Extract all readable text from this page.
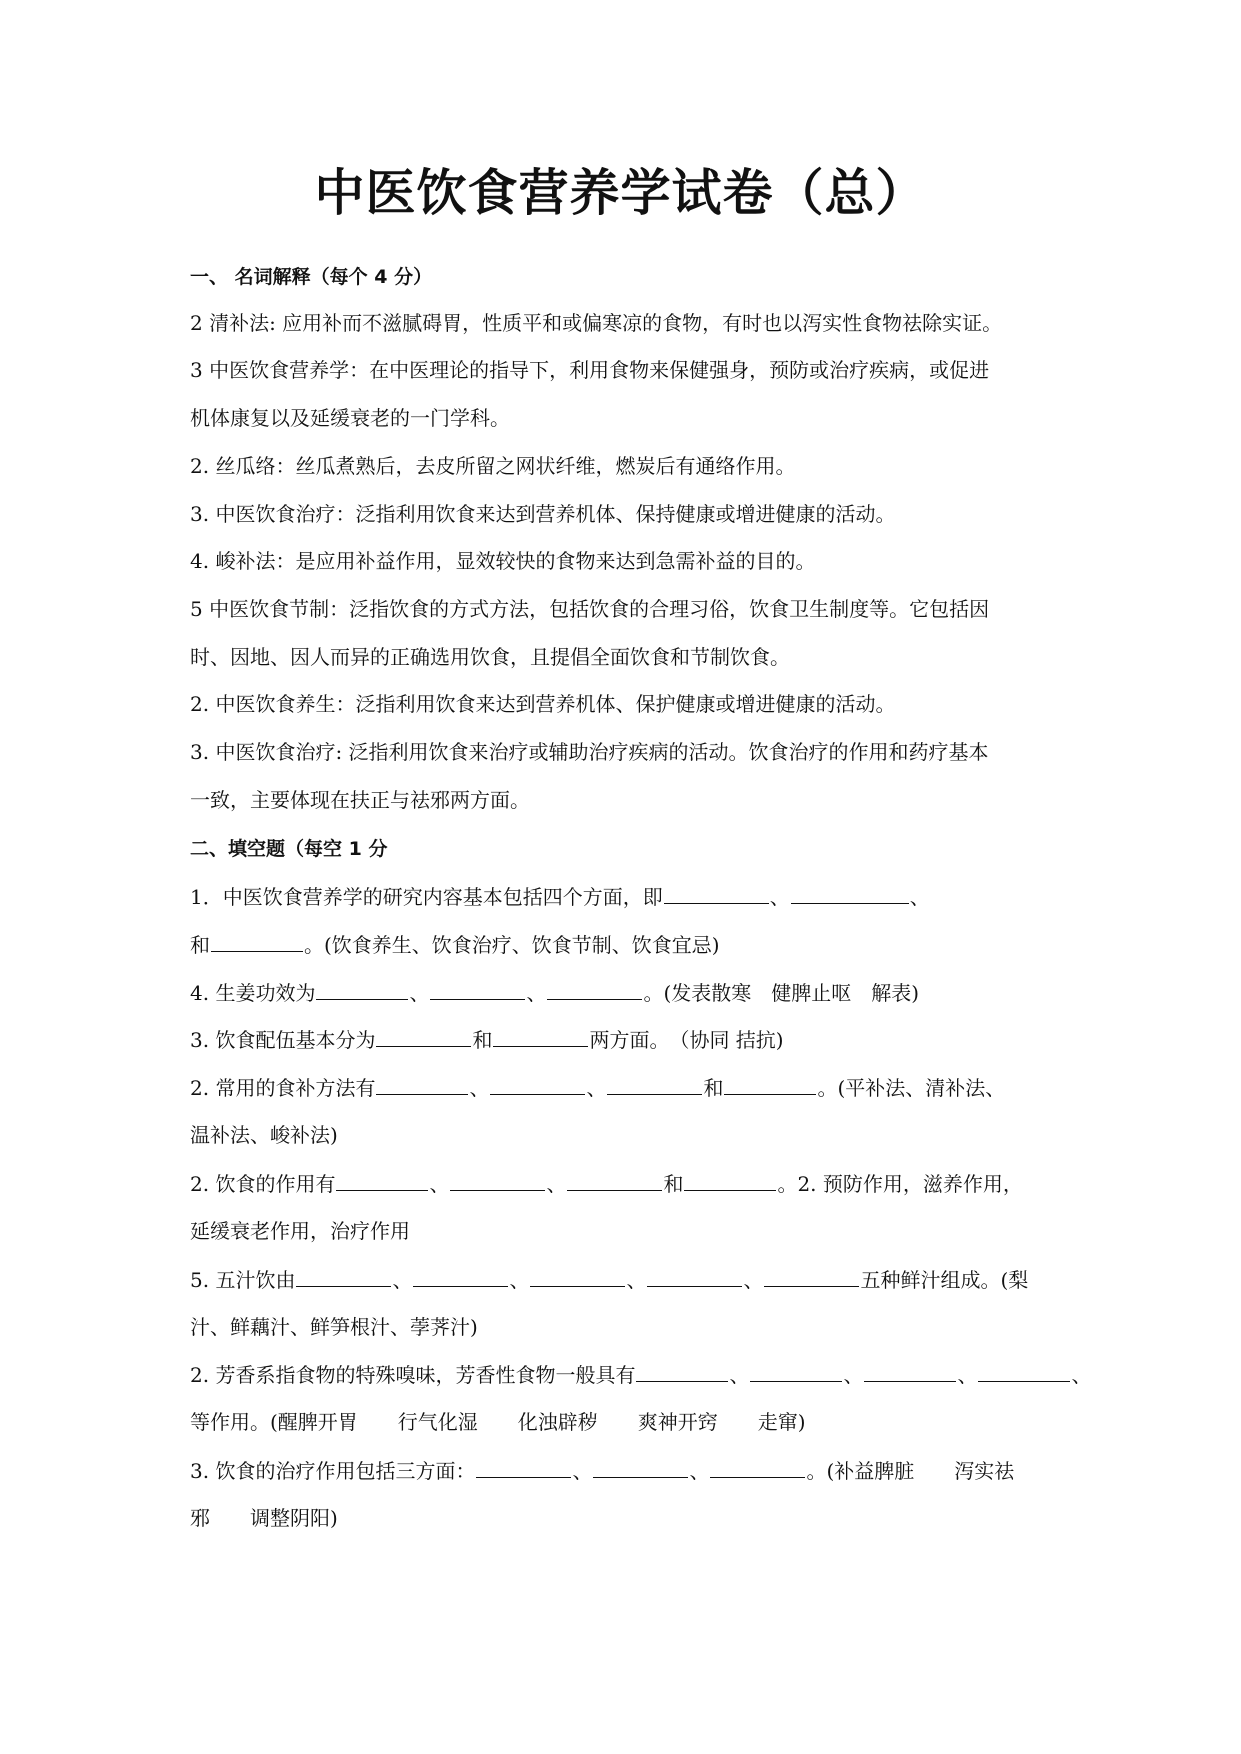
中医饮食营养学试卷（总）
一、 名词解释（每个 4 分）
2 清补法: 应用补而不滋腻碍胃，性质平和或偏寒凉的食物，有时也以泻实性食物祛除实证。
3 中医饮食营养学：在中医理论的指导下，利用食物来保健强身，预防或治疗疾病，或促进
机体康复以及延缓衰老的一门学科。
2. 丝瓜络：丝瓜煮熟后，去皮所留之网状纤维，燃炭后有通络作用。
3. 中医饮食治疗：泛指利用饮食来达到营养机体、保持健康或增进健康的活动。
4. 峻补法：是应用补益作用，显效较快的食物来达到急需补益的目的。
5 中医饮食节制：泛指饮食的方式方法，包括饮食的合理习俗，饮食卫生制度等。它包括因
时、因地、因人而异的正确选用饮食，且提倡全面饮食和节制饮食。
2. 中医饮食养生：泛指利用饮食来达到营养机体、保护健康或增进健康的活动。
3. 中医饮食治疗: 泛指利用饮食来治疗或辅助治疗疾病的活动。饮食治疗的作用和药疗基本
一致，主要体现在扶正与祛邪两方面。
二、填空题（每空 1 分
1．中医饮食营养学的研究内容基本包括四个方面，即	、	、
和	。(饮食养生、饮食治疗、饮食节制、饮食宜忌)
4. 生姜功效为	、	、	。(发表散寒　健脾止呕　解表)
3. 饮食配伍基本分为	和	两方面。　（协同 拮抗)
2. 常用的食补方法有	、	、	和	。(平补法、清补法、
温补法、峻补法)
2. 饮食的作用有	、	、	和	。2. 预防作用，滋养作用，
延缓衰老作用，治疗作用
5. 五汁饮由	、	、	、	、	五种鲜汁组成。(梨
汁、鲜藕汁、鲜笋根汁、荸荠汁)
2. 芳香系指食物的特殊嗅味，芳香性食物一般具有	、	、	、	、
等作用。(醒脾开胃　　行气化湿　　化浊辟秽　　爽神开窍　　走窜)
3. 饮食的治疗作用包括三方面：	、	、	。(补益脾脏　　泻实祛
邪　　调整阴阳)
